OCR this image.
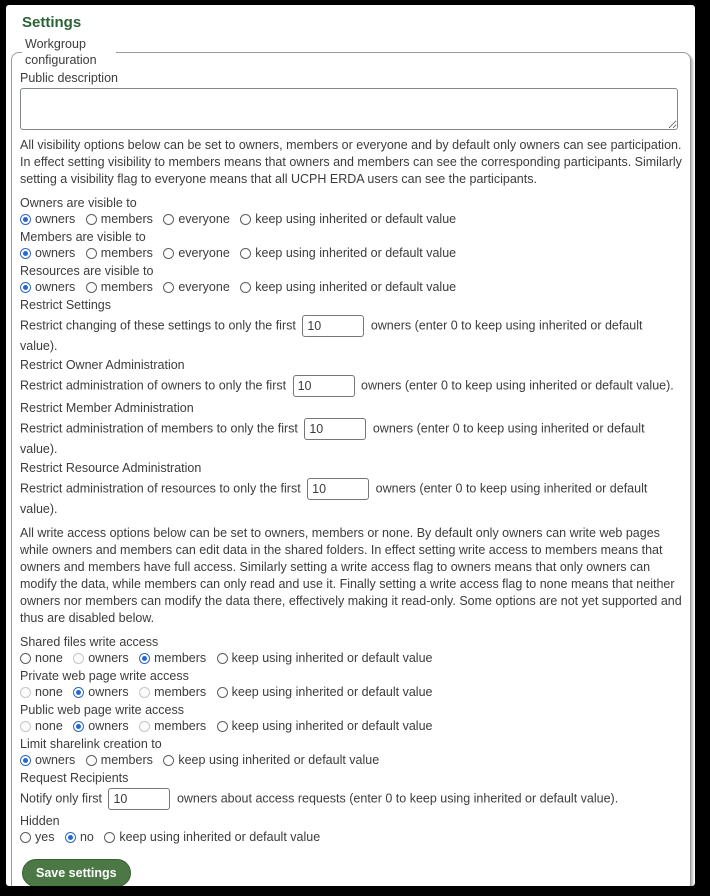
Settings
Workgroup configuration
Public description

All visibility options below can be set to owners, members or everyone and by default only owners can see participation. In effect setting visibility to members means that owners and members can see the corresponding participants. Similarly setting a visibility flag to everyone means that all UCPH ERDA users can see the participants.

Owners are visible to
owners members everyone keep using inherited or default value
Members are visible to
owners members everyone keep using inherited or default value
Resources are visible to
owners members everyone keep using inherited or default value
Restrict Settings
Restrict changing of these settings to only the first 10	owners (enter 0 to keep using inherited or default value).
Restrict Owner Administration
Restrict administration of owners to only the first 10	owners (enter 0 to keep using inherited or default value).
Restrict Member Administration
Restrict administration of members to only the first 10	owners (enter 0 to keep using inherited or default value).
Restrict Resource Administration
Restrict administration of resources to only the first 10	owners (enter 0 to keep using inherited or default value).

All write access options below can be set to owners, members or none. By default only owners can write web pages while owners and members can edit data in the shared folders. In effect setting write access to members means that owners and members have full access. Similarly setting a write access flag to owners means that only owners can modify the data, while members can only read and use it. Finally setting a write access flag to none means that neither owners nor members can modify the data there, effectively making it read-only. Some options are not yet supported and thus are disabled below.

Shared files write access
none owners members keep using inherited or default value
Private web page write access
none owners members keep using inherited or default value
Public web page write access
none owners members keep using inherited or default value
Limit sharelink creation to
owners members keep using inherited or default value
Request Recipients
Notify only first 10	owners about access requests (enter 0 to keep using inherited or default value).
Hidden
yes no keep using inherited or default value
Save settings
